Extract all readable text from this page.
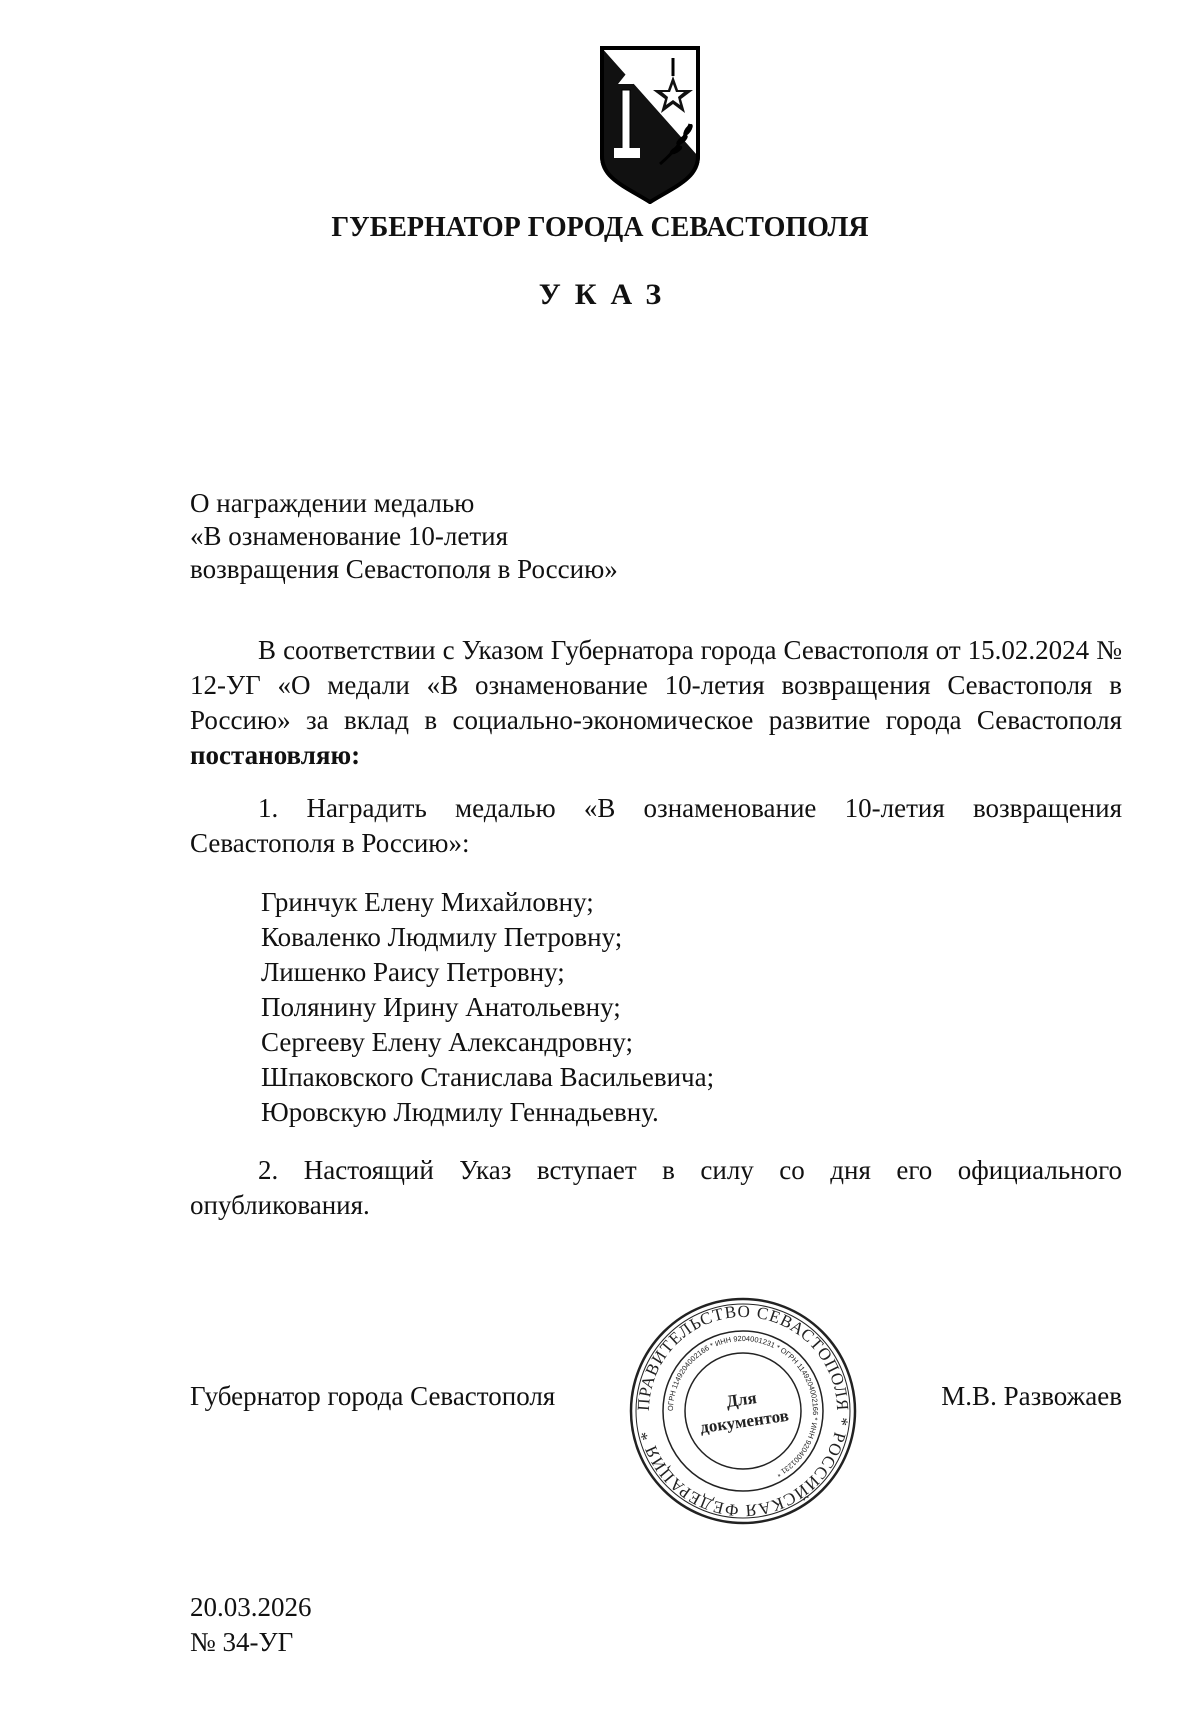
ГУБЕРНАТОР ГОРОДА СЕВАСТОПОЛЯ
УКАЗ

О награждении медалью
«В ознаменование 10-летия
возвращения Севастополя в Россию»

В соответствии с Указом Губернатора города Севастополя от 15.02.2024 № 12-УГ «О медали «В ознаменование 10-летия возвращения Севастополя в Россию» за вклад в социально-экономическое развитие города Севастополя постановляю:

1. Наградить медалью «В ознаменование 10-летия возвращения Севастополя в Россию»:

Гринчук Елену Михайловну;
Коваленко Людмилу Петровну;
Лишенко Раису Петровну;
Полянину Ирину Анатольевну;
Сергееву Елену Александровну;
Шпаковского Станислава Васильевича;
Юровскую Людмилу Геннадьевну.

2. Настоящий Указ вступает в силу со дня его официального опубликования.

Губернатор города Севастополя	ПРАВИТЕЛЬСТВО СЕВАСТОПОЛЯ * РОССИЙСКАЯ ФЕДЕРАЦИЯ *
ОГРН 1149204002166 * ИНН 9204001231 * ОГРН 1149204002166 * ИНН 9204001231 *
Для
документов

М.В. Развожаев

20.03.2026
№ 34-УГ
